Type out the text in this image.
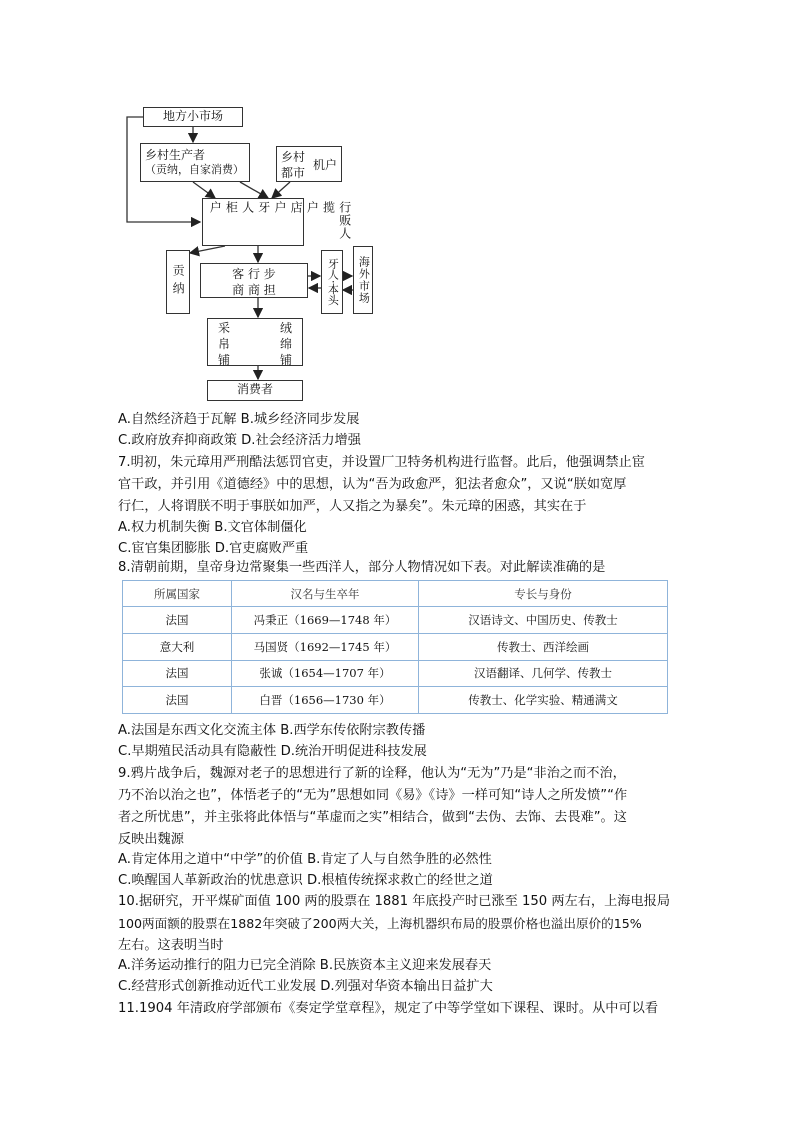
地方小市场
乡村生产者
（贡纳，自家消费）
乡村
都市
机户
柜户	牙人	店户	揽户	行贩人
贡纳	客 行 步
商 商 担	牙人·本头 海外市场
采	绒
帛	绵
铺	铺
消费者
A.自然经济趋于瓦解 B.城乡经济同步发展
C.政府放弃抑商政策 D.社会经济活力增强
7.明初，朱元璋用严刑酷法惩罚官吏，并设置厂卫特务机构进行监督。此后，他强调禁止宦
官干政，并引用《道德经》中的思想，认为“吾为政愈严，犯法者愈众”，又说“朕如宽厚
行仁，人将谓朕不明于事朕如加严，人又指之为暴矣”。朱元璋的困惑，其实在于
A.权力机制失衡 B.文官体制僵化
C.宦官集团膨胀 D.官吏腐败严重
8.清朝前期，皇帝身边常聚集一些西洋人，部分人物情况如下表。对此解读准确的是
所属国家	汉名与生卒年	专长与身份
法国	冯秉正（1669—1748 年）	汉语诗文、中国历史、传教士
意大利	马国贤（1692—1745 年）	传教士、西洋绘画
法国	张诚（1654—1707 年）	汉语翻译、几何学、传教士
法国	白晋（1656—1730 年）	传教士、化学实验、精通满文
A.法国是东西文化交流主体 B.西学东传依附宗教传播
C.早期殖民活动具有隐蔽性 D.统治开明促进科技发展
9.鸦片战争后，魏源对老子的思想进行了新的诠释，他认为“无为”乃是“非治之而不治，
乃不治以治之也”，体悟老子的“无为”思想如同《易》《诗》一样可知“诗人之所发愤”“作
者之所忧患”，并主张将此体悟与“革虚而之实”相结合，做到“去伪、去饰、去畏难”。这
反映出魏源
A.肯定体用之道中“中学”的价值 B.肯定了人与自然争胜的必然性
C.唤醒国人革新政治的忧患意识 D.根植传统探求救亡的经世之道
10.据研究，开平煤矿面值 100 两的股票在 1881 年底投产时已涨至 150 两左右，上海电报局
100两面额的股票在1882年突破了200两大关，上海机器织布局的股票价格也溢出原价的15%
左右。这表明当时
A.洋务运动推行的阻力已完全消除 B.民族资本主义迎来发展春天
C.经营形式创新推动近代工业发展 D.列强对华资本输出日益扩大
11.1904 年清政府学部颁布《奏定学堂章程》，规定了中等学堂如下课程、课时。从中可以看
